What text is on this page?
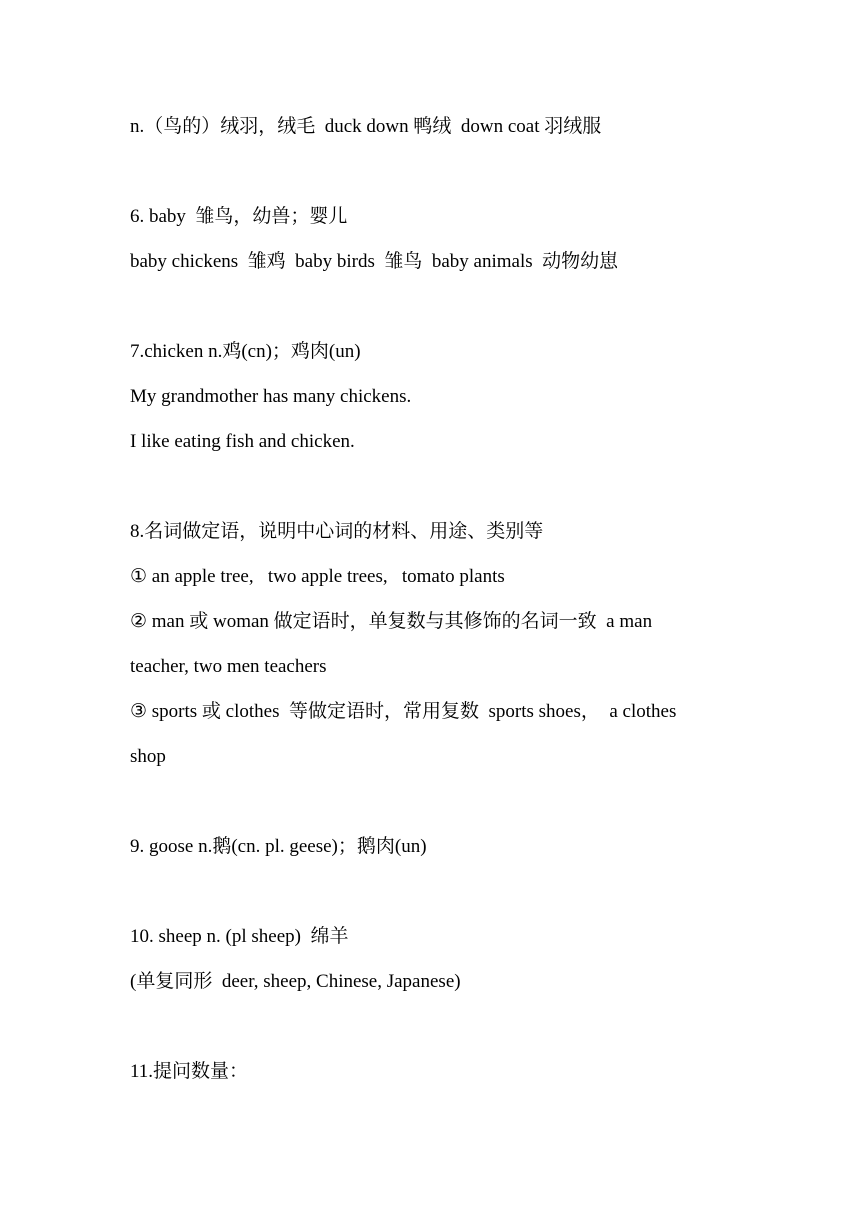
n.（鸟的）绒羽，绒毛  duck down 鸭绒  down coat 羽绒服
6. baby  雏鸟，幼兽；婴儿
baby chickens  雏鸡  baby birds  雏鸟  baby animals  动物幼崽
7.chicken n.鸡(cn)；鸡肉(un)
My grandmother has many chickens.
I like eating fish and chicken.
8.名词做定语，说明中心词的材料、用途、类别等
① an apple tree,   two apple trees,   tomato plants
② man 或 woman 做定语时，单复数与其修饰的名词一致  a man
teacher, two men teachers
③ sports 或 clothes  等做定语时，常用复数  sports shoes，  a clothes
shop
9. goose n.鹅(cn. pl. geese)；鹅肉(un)
10. sheep n. (pl sheep)  绵羊
(单复同形  deer, sheep, Chinese, Japanese)
11.提问数量：
